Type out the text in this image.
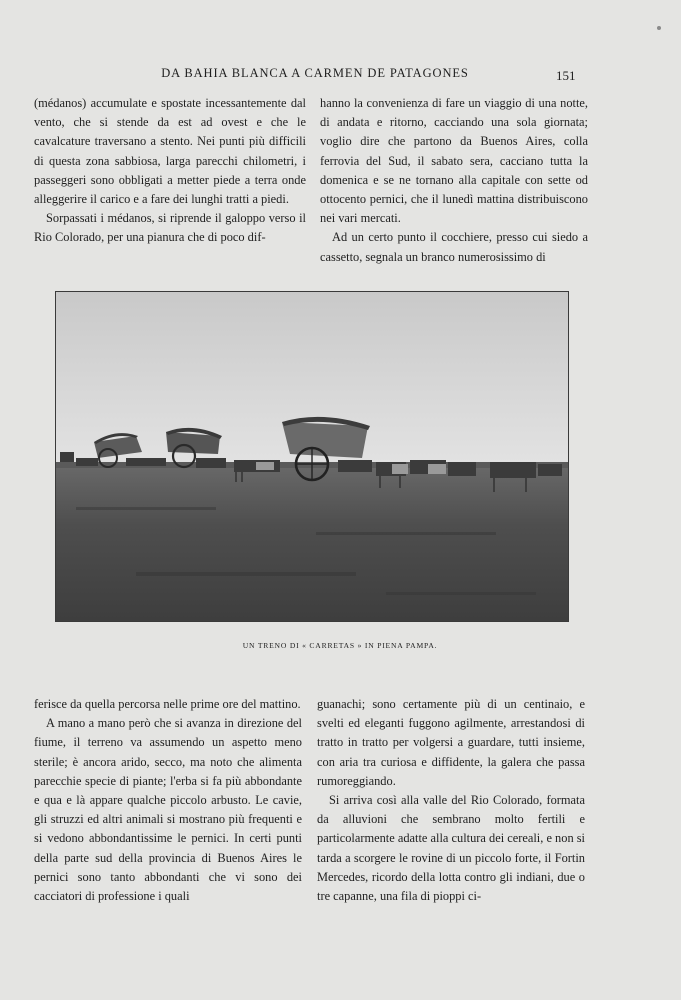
DA BAHIA BLANCA A CARMEN DE PATAGONES	151

(médanos) accumulate e spostate incessantemente dal vento, che si stende da est ad ovest e che le cavalcature traversano a stento. Nei punti più difficili di questa zona sabbiosa, larga parecchi chilometri, i passeggeri sono obbligati a metter piede a terra onde alleggerire il carico e a fare dei lunghi tratti a piedi.

Sorpassati i médanos, si riprende il galoppo verso il Rio Colorado, per una pianura che di poco dif-

hanno la convenienza di fare un viaggio di una notte, di andata e ritorno, cacciando una sola giornata; voglio dire che partono da Buenos Aires, colla ferrovia del Sud, il sabato sera, cacciano tutta la domenica e se ne tornano alla capitale con sette od ottocento pernici, che il lunedì mattina distribuiscono nei vari mercati.

Ad un certo punto il cocchiere, presso cui siedo a cassetto, segnala un branco numerosissimo di

UN TRENO DI « CARRETAS » IN PIENA PAMPA.

ferisce da quella percorsa nelle prime ore del mattino.

A mano a mano però che si avanza in direzione del fiume, il terreno va assumendo un aspetto meno sterile; è ancora arido, secco, ma noto che alimenta parecchie specie di piante; l'erba si fa più abbondante e qua e là appare qualche piccolo arbusto. Le cavie, gli struzzi ed altri animali si mostrano più frequenti e si vedono abbondantissime le pernici. In certi punti della parte sud della provincia di Buenos Aires le pernici sono tanto abbondanti che vi sono dei cacciatori di professione i quali

guanachi; sono certamente più di un centinaio, e svelti ed eleganti fuggono agilmente, arrestandosi di tratto in tratto per volgersi a guardare, tutti insieme, con aria tra curiosa e diffidente, la galera che passa rumoreggiando.

Si arriva così alla valle del Rio Colorado, formata da alluvioni che sembrano molto fertili e particolarmente adatte alla cultura dei cereali, e non si tarda a scorgere le rovine di un piccolo forte, il Fortin Mercedes, ricordo della lotta contro gli indiani, due o tre capanne, una fila di pioppi ci-
